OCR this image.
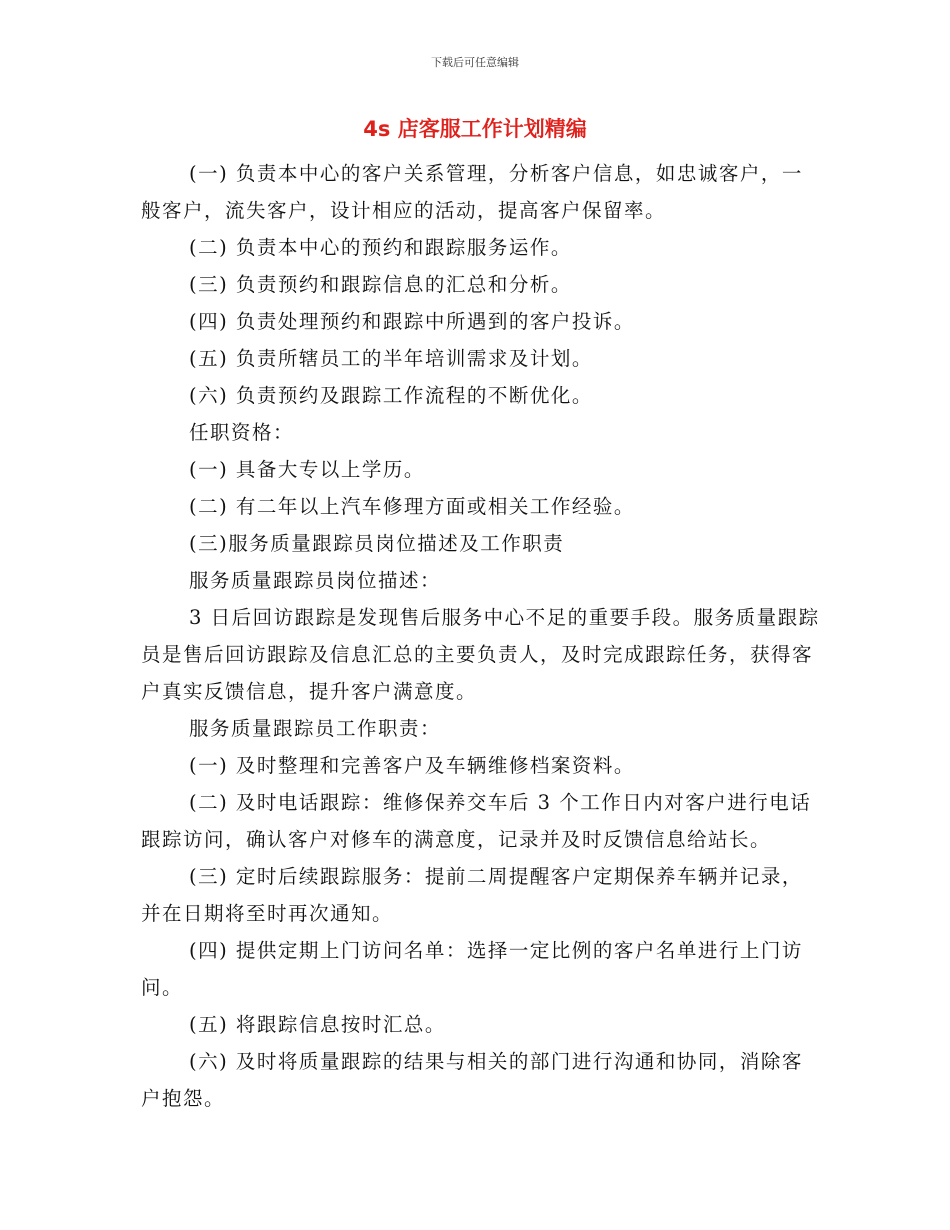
下载后可任意编辑
4s 店客服工作计划精编

(一) 负责本中心的客户关系管理，分析客户信息，如忠诚客户，一般客户，流失客户，设计相应的活动，提高客户保留率。

(二) 负责本中心的预约和跟踪服务运作。

(三) 负责预约和跟踪信息的汇总和分析。

(四) 负责处理预约和跟踪中所遇到的客户投诉。

(五) 负责所辖员工的半年培训需求及计划。

(六) 负责预约及跟踪工作流程的不断优化。

任职资格：

(一) 具备大专以上学历。

(二) 有二年以上汽车修理方面或相关工作经验。

(三)服务质量跟踪员岗位描述及工作职责

服务质量跟踪员岗位描述：

3 日后回访跟踪是发现售后服务中心不足的重要手段。服务质量跟踪员是售后回访跟踪及信息汇总的主要负责人，及时完成跟踪任务，获得客户真实反馈信息，提升客户满意度。

服务质量跟踪员工作职责：

(一) 及时整理和完善客户及车辆维修档案资料。

(二) 及时电话跟踪：维修保养交车后 3 个工作日内对客户进行电话跟踪访问，确认客户对修车的满意度，记录并及时反馈信息给站长。

(三) 定时后续跟踪服务：提前二周提醒客户定期保养车辆并记录，并在日期将至时再次通知。

(四) 提供定期上门访问名单：选择一定比例的客户名单进行上门访问。

(五) 将跟踪信息按时汇总。

(六) 及时将质量跟踪的结果与相关的部门进行沟通和协同，消除客户抱怨。
